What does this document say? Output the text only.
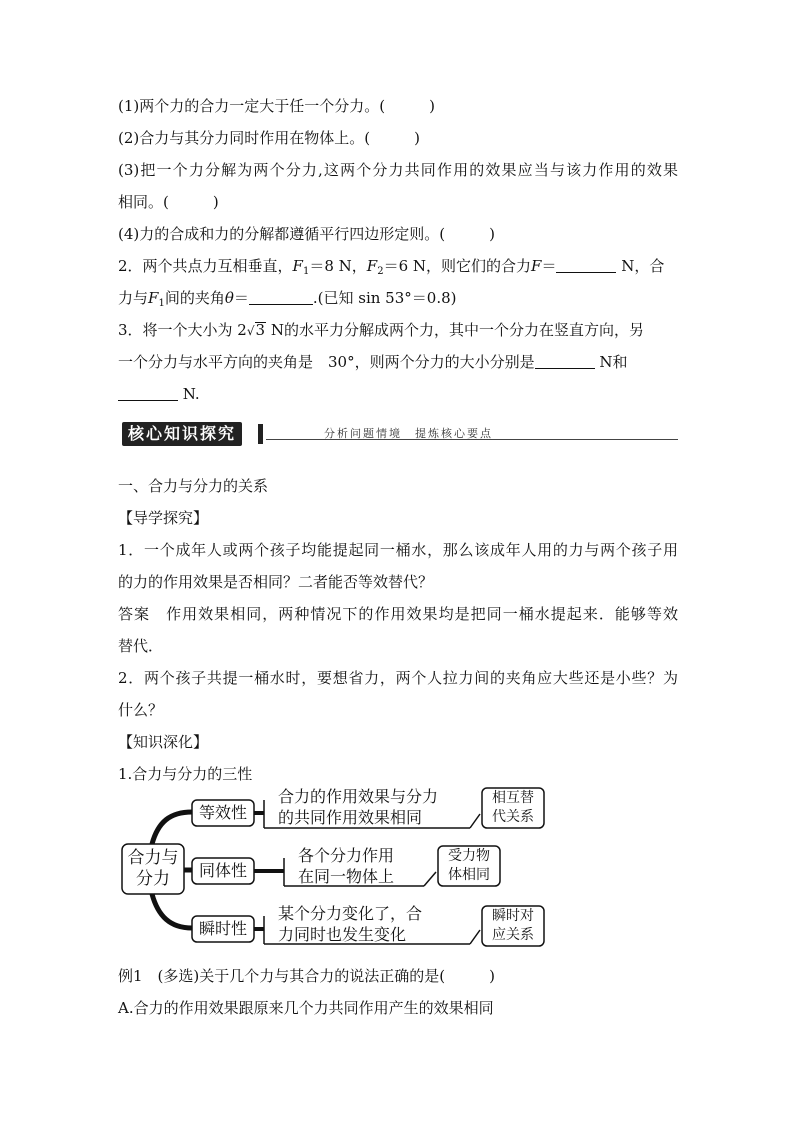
(1)两个力的合力一定大于任一个分力。(	)
(2)合力与其分力同时作用在物体上。(	)
(3)把一个力分解为两个分力,这两个分力共同作用的效果应当与该力作用的效果
相同。(	)
(4)力的合成和力的分解都遵循平行四边形定则。(	)
2．两个共点力互相垂直，$F_1=8$ N，$F_2=6$ N，则它们的合力F＝	N，合
力与$F_1$间的夹角θ＝	.(已知 sin 53°＝0.8)
3．将一个大小为 2√3 N的水平力分解成两个力，其中一个分力在竖直方向，另
一个分力与水平方向的夹角是　30°，则两个分力的大小分别是	N和
N.
核心知识探究	分析问题情境　提炼核心要点
一、合力与分力的关系
【导学探究】
1．一个成年人或两个孩子均能提起同一桶水，那么该成年人用的力与两个孩子用
的力的作用效果是否相同？二者能否等效替代？
答案　作用效果相同，两种情况下的作用效果均是把同一桶水提起来．能够等效
替代．
2．两个孩子共提一桶水时，要想省力，两个人拉力间的夹角应大些还是小些？为
什么？
【知识深化】
1.合力与分力的三性
合力与
分力
等效性
合力的作用效果与分力
的共同作用效果相同
相互替
代关系
同体性
各个分力作用
在同一物体上
受力物
体相同
瞬时性
某个分力变化了，合
力同时也发生变化
瞬时对
应关系
例1　(多选)关于几个力与其合力的说法正确的是(	)
A.合力的作用效果跟原来几个力共同作用产生的效果相同
